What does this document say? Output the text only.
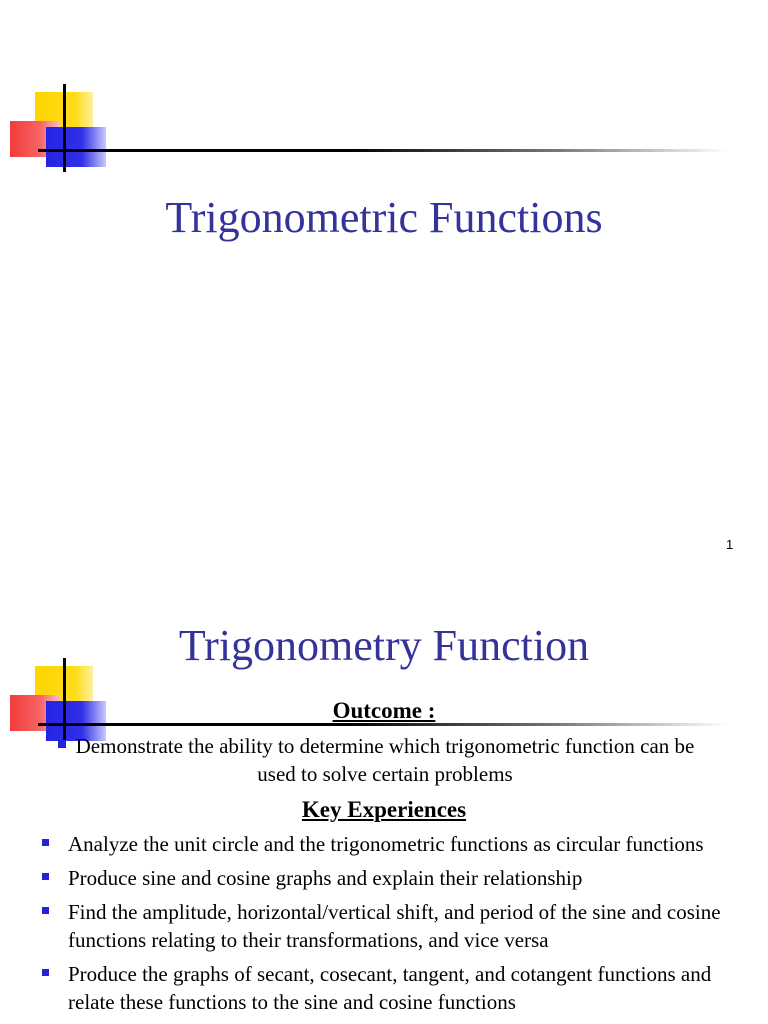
Trigonometric Functions
1
Trigonometry Function
Outcome :
Demonstrate the ability to determine which trigonometric function can be used to solve certain problems
Key Experiences
Analyze the unit circle and the trigonometric functions as circular functions
Produce sine and cosine graphs and explain their relationship
Find the amplitude, horizontal/vertical shift, and period of the sine and cosine functions relating to their transformations, and vice versa
Produce the graphs of secant, cosecant, tangent, and cotangent functions and relate these functions to the sine and cosine functions
